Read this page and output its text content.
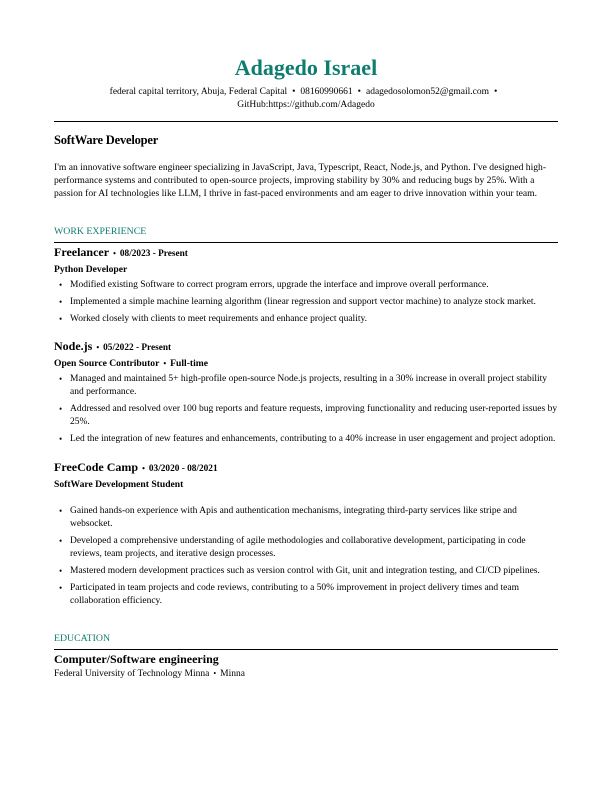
Adagedo Israel
federal capital territory, Abuja, Federal Capital • 08160990661 • adagedosolomon52@gmail.com •
GitHub:https://github.com/Adagedo
SoftWare Developer
I'm an innovative software engineer specializing in JavaScript, Java, Typescript, React, Node.js, and Python. I've designed high-performance systems and contributed to open-source projects, improving stability by 30% and reducing bugs by 25%. With a passion for AI technologies like LLM, I thrive in fast-paced environments and am eager to drive innovation within your team.
WORK EXPERIENCE
Freelancer • 08/2023 - Present
Python Developer
• Modified existing Software to correct program errors, upgrade the interface and improve overall performance.
• Implemented a simple machine learning algorithm (linear regression and support vector machine) to analyze stock market.
• Worked closely with clients to meet requirements and enhance project quality.
Node.js • 05/2022 - Present
Open Source Contributor • Full-time
• Managed and maintained 5+ high-profile open-source Node.js projects, resulting in a 30% increase in overall project stability and performance.
• Addressed and resolved over 100 bug reports and feature requests, improving functionality and reducing user-reported issues by 25%.
• Led the integration of new features and enhancements, contributing to a 40% increase in user engagement and project adoption.
FreeCode Camp • 03/2020 - 08/2021
SoftWare Development Student
• Gained hands-on experience with Apis and authentication mechanisms, integrating third-party services like stripe and websocket.
• Developed a comprehensive understanding of agile methodologies and collaborative development, participating in code reviews, team projects, and iterative design processes.
• Mastered modern development practices such as version control with Git, unit and integration testing, and CI/CD pipelines.
• Participated in team projects and code reviews, contributing to a 50% improvement in project delivery times and team collaboration efficiency.
EDUCATION
Computer/Software engineering
Federal University of Technology Minna • Minna
